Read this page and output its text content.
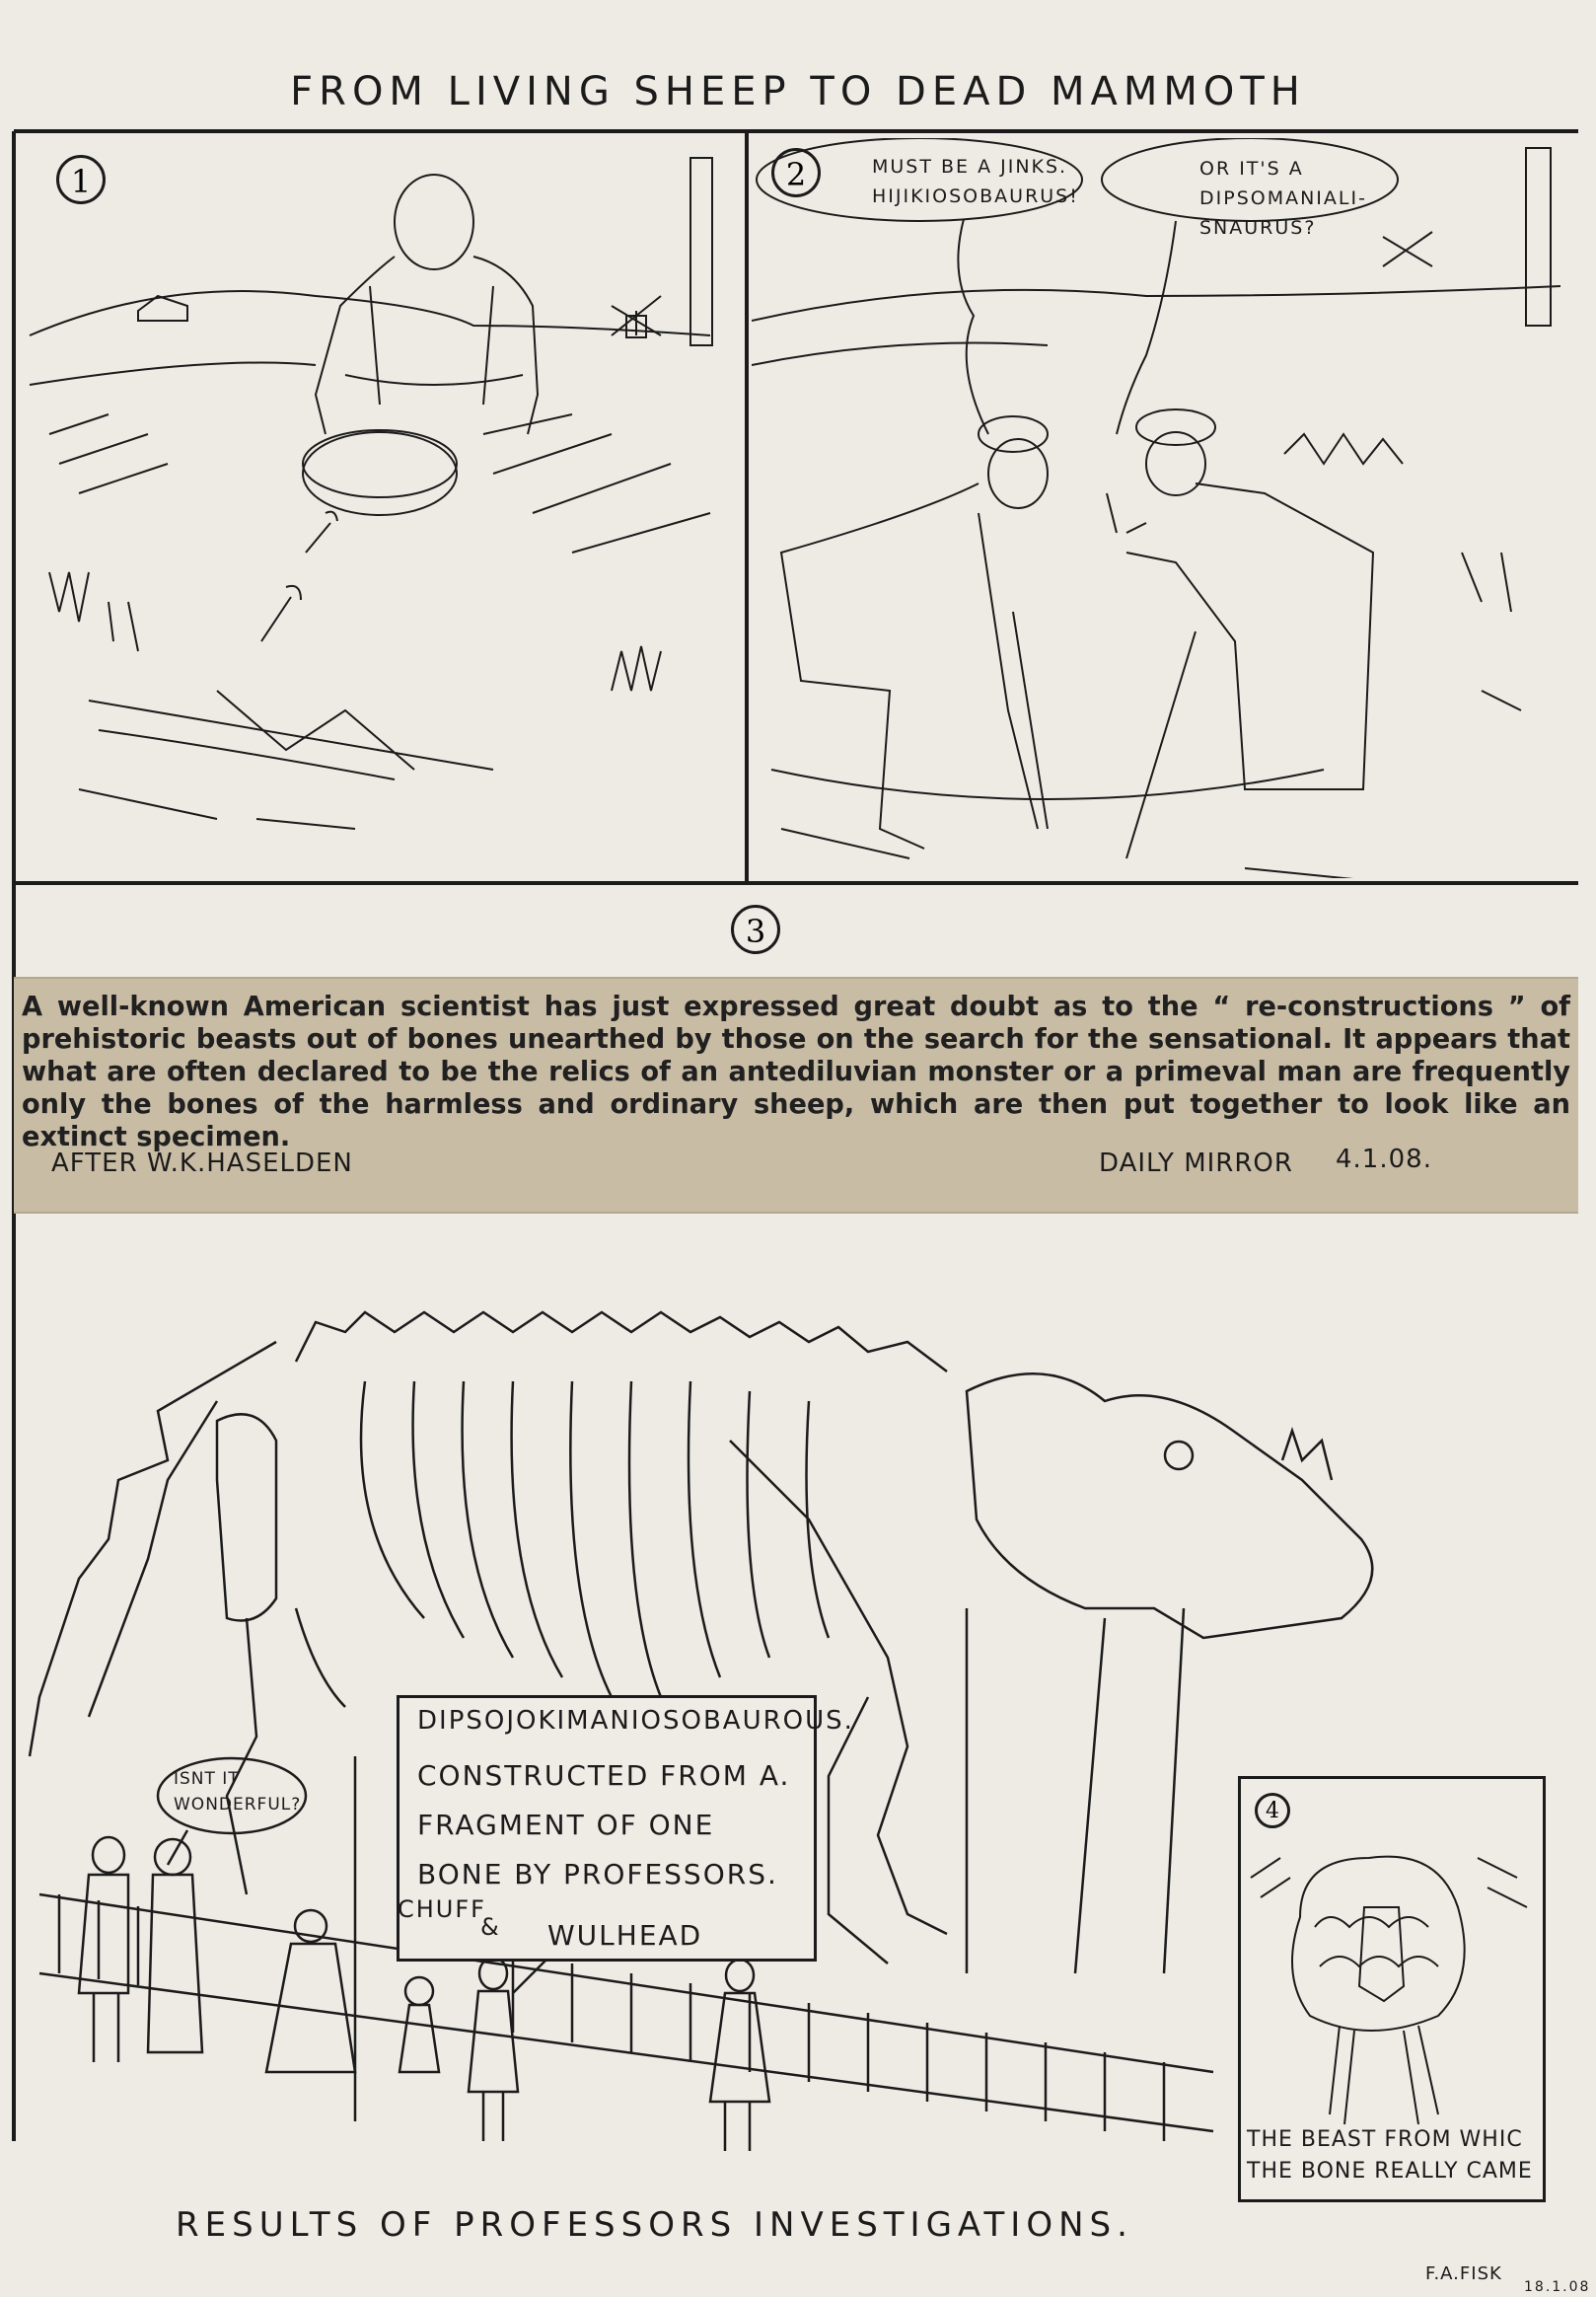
FROM LIVING SHEEP TO DEAD MAMMOTH
1	2	MUST BE A JINKS.
HIJIKIOSOBAURUS!
OR IT'S A
DIPSOMANIALI-
SNAURUS?
3
A well-known American scientist has just expressed great doubt as to the “ re-constructions ” of prehistoric beasts out of bones unearthed by those on the search for the sensational. It appears that what are often declared to be the relics of an antediluvian monster or a primeval man are frequently only the bones of the harmless and ordinary sheep, which are then put together to look like an extinct specimen.
AFTER W.K.HASELDEN	DAILY MIRROR 4.1.08.
DIPSOJOKIMANIOSOBAUROUS.
CONSTRUCTED FROM A.
FRAGMENT OF ONE
BONE BY PROFESSORS.
CHUFF
& WULHEAD
ISNT IT
WONDERFUL?	4
THE BEAST FROM WHIC
THE BONE REALLY CAME
RESULTS OF PROFESSORS INVESTIGATIONS.
F.A.FISK
18.1.08
